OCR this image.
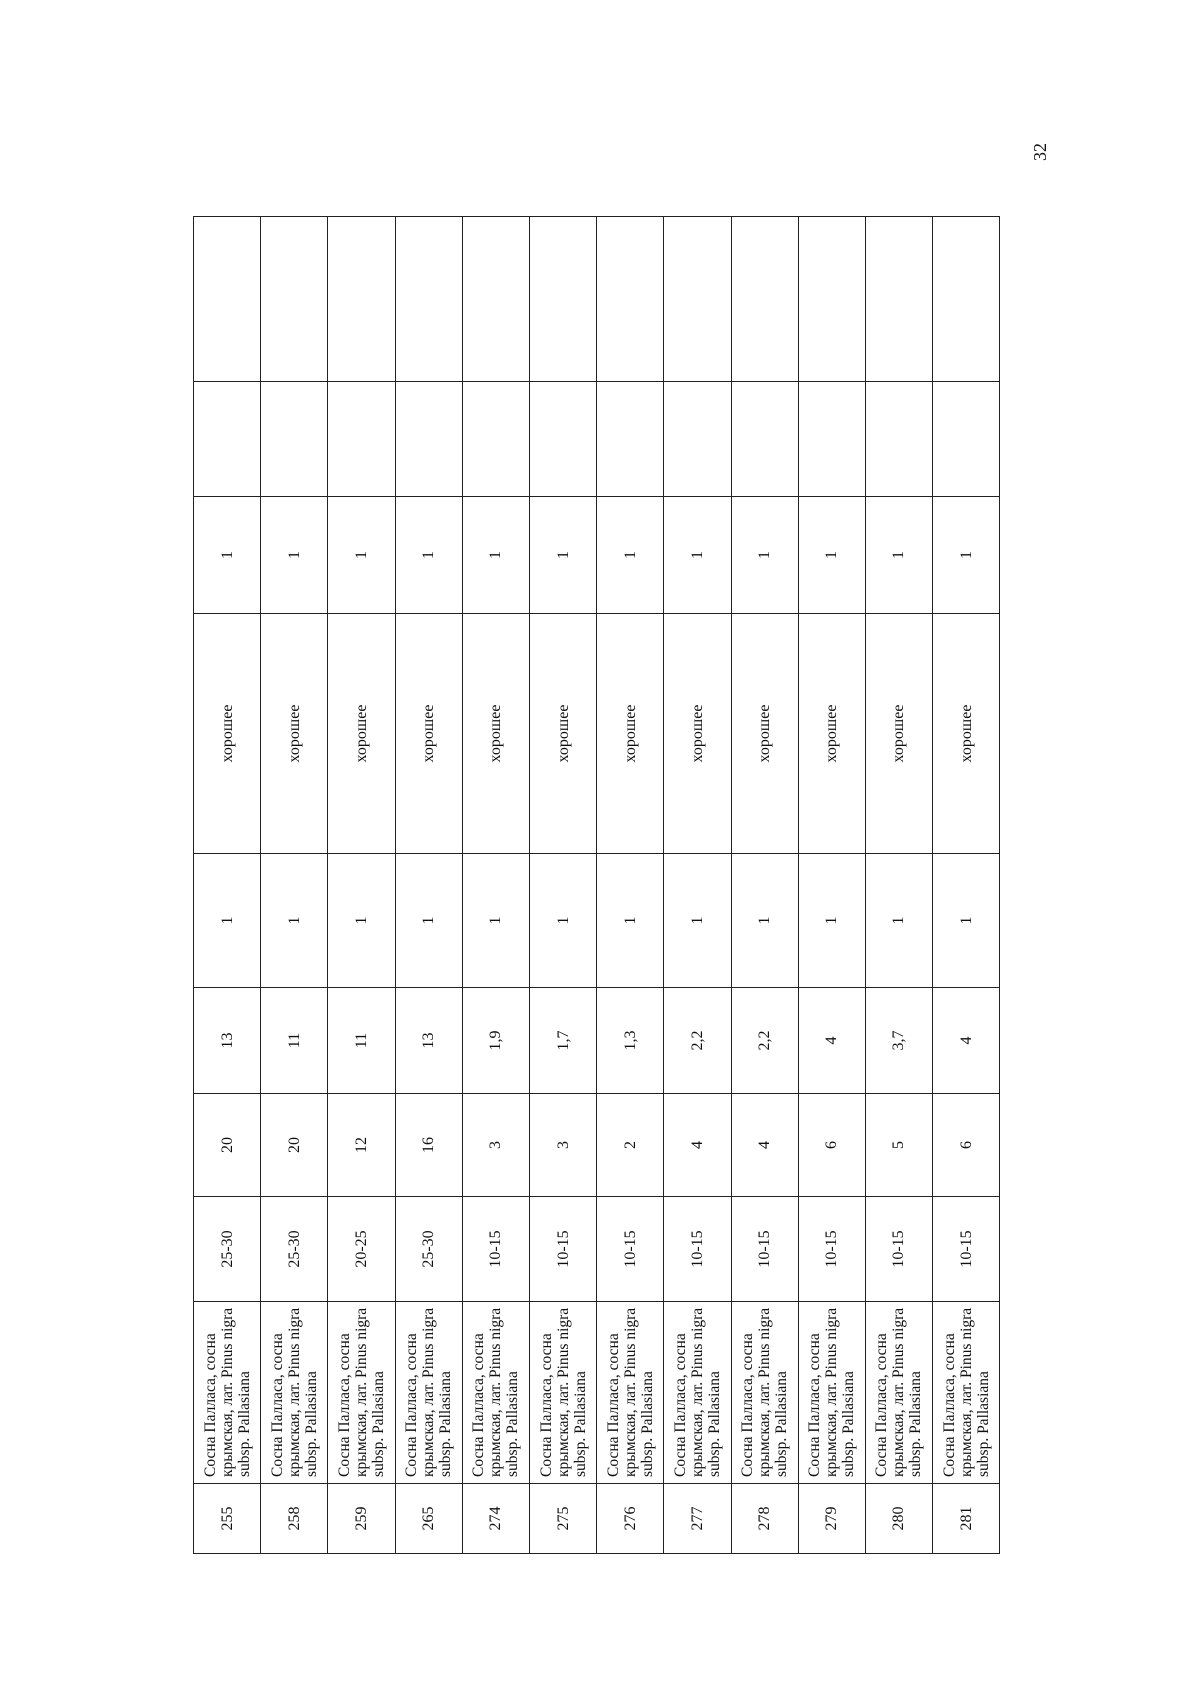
32
255	Сосна Палласа, сосна крымская, лат. Pinus nigra subsp. Pallasiana	25-30	20	13	1	хорошее	1		
258	Сосна Палласа, сосна крымская, лат. Pinus nigra subsp. Pallasiana	25-30	20	11	1	хорошее	1		
259	Сосна Палласа, сосна крымская, лат. Pinus nigra subsp. Pallasiana	20-25	12	11	1	хорошее	1		
265	Сосна Палласа, сосна крымская, лат. Pinus nigra subsp. Pallasiana	25-30	16	13	1	хорошее	1		
274	Сосна Палласа, сосна крымская, лат. Pinus nigra subsp. Pallasiana	10-15	3	1,9	1	хорошее	1		
275	Сосна Палласа, сосна крымская, лат. Pinus nigra subsp. Pallasiana	10-15	3	1,7	1	хорошее	1		
276	Сосна Палласа, сосна крымская, лат. Pinus nigra subsp. Pallasiana	10-15	2	1,3	1	хорошее	1		
277	Сосна Палласа, сосна крымская, лат. Pinus nigra subsp. Pallasiana	10-15	4	2,2	1	хорошее	1		
278	Сосна Палласа, сосна крымская, лат. Pinus nigra subsp. Pallasiana	10-15	4	2,2	1	хорошее	1		
279	Сосна Палласа, сосна крымская, лат. Pinus nigra subsp. Pallasiana	10-15	6	4	1	хорошее	1		
280	Сосна Палласа, сосна крымская, лат. Pinus nigra subsp. Pallasiana	10-15	5	3,7	1	хорошее	1		
281	Сосна Палласа, сосна крымская, лат. Pinus nigra subsp. Pallasiana	10-15	6	4	1	хорошее	1		
